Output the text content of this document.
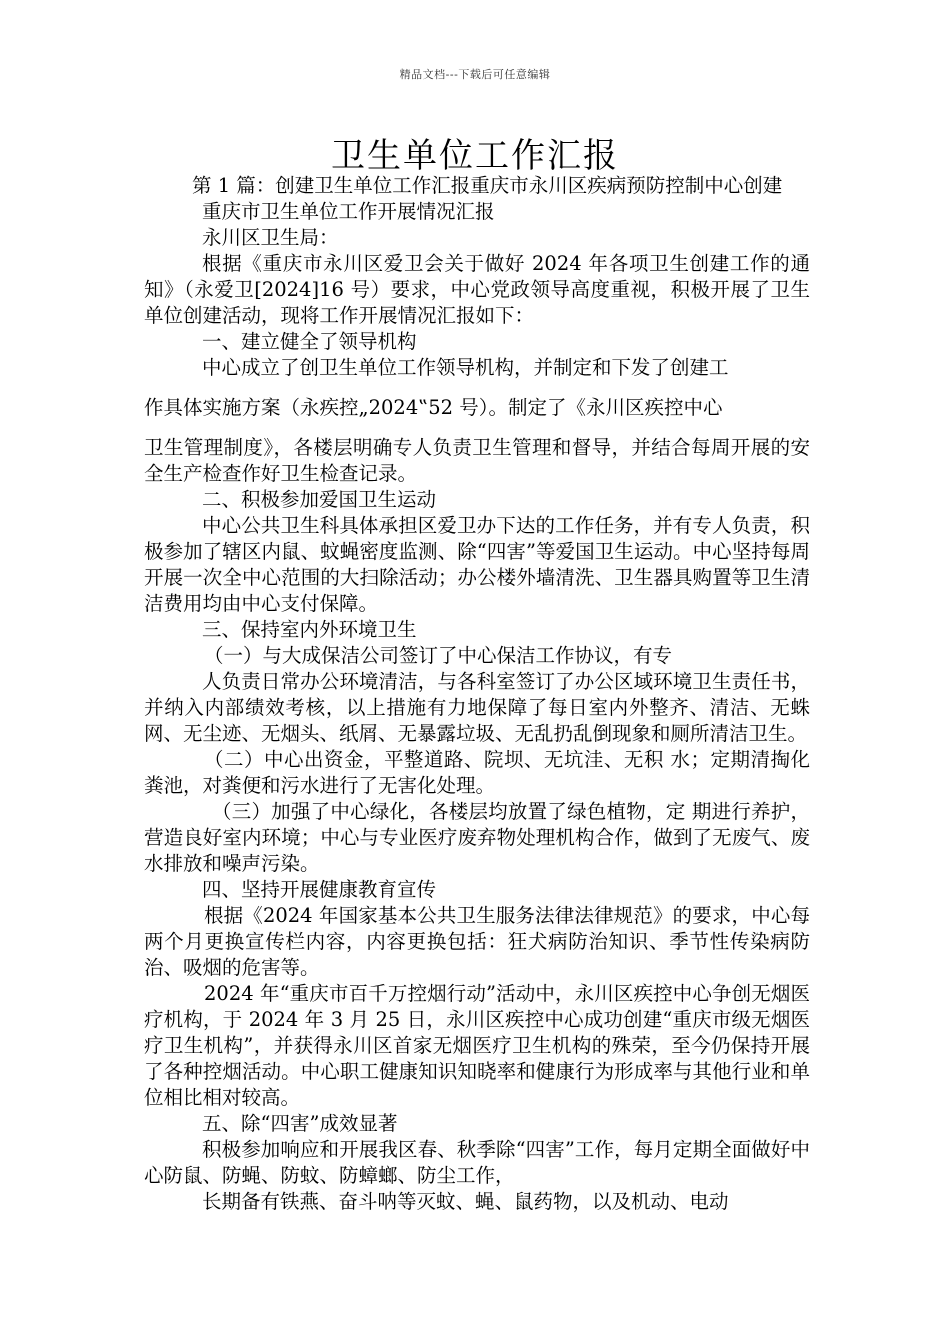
精品文档---下载后可任意编辑
卫生单位工作汇报

第 1 篇：创建卫生单位工作汇报重庆市永川区疾病预防控制中心创建

重庆市卫生单位工作开展情况汇报

永川区卫生局：

根据《重庆市永川区爱卫会关于做好 2024 年各项卫生创建工作的通知》（永爱卫[2024]16 号）要求，中心党政领导高度重视，积极开展了卫生单位创建活动，现将工作开展情况汇报如下：

一、建立健全了领导机构

中心成立了创卫生单位工作领导机构，并制定和下发了创建工

作具体实施方案（永疾控„2024‟52 号）。制定了《永川区疾控中心

卫生管理制度》，各楼层明确专人负责卫生管理和督导，并结合每周开展的安全生产检查作好卫生检查记录。

二、积极参加爱国卫生运动

中心公共卫生科具体承担区爱卫办下达的工作任务，并有专人负责，积极参加了辖区内鼠、蚊蝇密度监测、除“四害”等爱国卫生运动。中心坚持每周开展一次全中心范围的大扫除活动；办公楼外墙清洗、卫生器具购置等卫生清洁费用均由中心支付保障。

三、保持室内外环境卫生

（一）与大成保洁公司签订了中心保洁工作协议，有专

人负责日常办公环境清洁，与各科室签订了办公区域环境卫生责任书，并纳入内部绩效考核，以上措施有力地保障了每日室内外整齐、清洁、无蛛网、无尘迹、无烟头、纸屑、无暴露垃圾、无乱扔乱倒现象和厕所清洁卫生。

（二）中心出资金，平整道路、院坝、无坑洼、无积 水；定期清掏化粪池，对粪便和污水进行了无害化处理。

（三）加强了中心绿化，各楼层均放置了绿色植物，定 期进行养护，营造良好室内环境；中心与专业医疗废弃物处理机构合作，做到了无废气、废水排放和噪声污染。

四、坚持开展健康教育宣传

根据《2024 年国家基本公共卫生服务法律法律规范》的要求，中心每两个月更换宣传栏内容，内容更换包括：狂犬病防治知识、季节性传染病防治、吸烟的危害等。

2024 年“重庆市百千万控烟行动”活动中，永川区疾控中心争创无烟医疗机构，于 2024 年 3 月 25 日，永川区疾控中心成功创建“重庆市级无烟医疗卫生机构”，并获得永川区首家无烟医疗卫生机构的殊荣，至今仍保持开展了各种控烟活动。中心职工健康知识知晓率和健康行为形成率与其他行业和单位相比相对较高。

五、除“四害”成效显著

积极参加响应和开展我区春、秋季除“四害”工作，每月定期全面做好中心防鼠、防蝇、防蚊、防蟑螂、防尘工作，

长期备有铁燕、奋斗呐等灭蚊、蝇、鼠药物，以及机动、电动
